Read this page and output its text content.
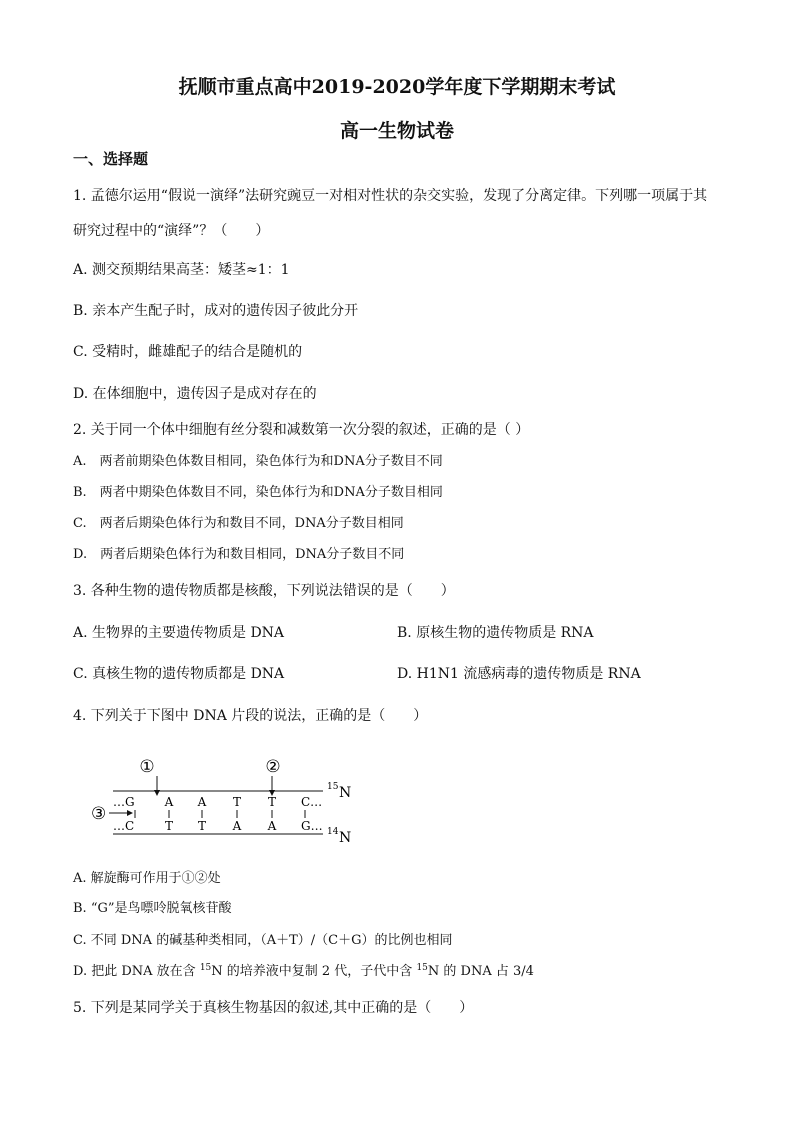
抚顺市重点高中2019-2020学年度下学期期末考试
高一生物试卷
一、选择题
1. 孟德尔运用“假说一演绎”法研究豌豆一对相对性状的杂交实验，发现了分离定律。下列哪一项属于其
研究过程中的“演绎”？（　　）
A. 测交预期结果高茎：矮茎≈1：1
B. 亲本产生配子时，成对的遗传因子彼此分开
C. 受精时，雌雄配子的结合是随机的
D. 在体细胞中，遗传因子是成对存在的
2. 关于同一个体中细胞有丝分裂和减数第一次分裂的叙述，正确的是（ ）
A.　两者前期染色体数目相同，染色体行为和DNA分子数目不同
B.　两者中期染色体数目不同，染色体行为和DNA分子数目相同
C.　两者后期染色体行为和数目不同，DNA分子数目相同
D.　两者后期染色体行为和数目相同，DNA分子数目不同
3. 各种生物的遗传物质都是核酸，下列说法错误的是（　　）
A. 生物界的主要遗传物质是 DNA	B. 原核生物的遗传物质是 RNA
C. 真核生物的遗传物质都是 DNA	D. H1N1 流感病毒的遗传物质是 RNA
4. 下列关于下图中 DNA 片段的说法，正确的是（　　）
①	②
③
…G	A A T T C…
…C	T T A A G…
15 N
14 N
A. 解旋酶可作用于①②处
B. “G”是鸟嘌呤脱氧核苷酸
C. 不同 DNA 的碱基种类相同，（A＋T）/（C＋G）的比例也相同
D. 把此 DNA 放在含 $^{15}$N 的培养液中复制 2 代，子代中含 $^{15}$N 的 DNA 占 3/4
5. 下列是某同学关于真核生物基因的叙述,其中正确的是（　　）
